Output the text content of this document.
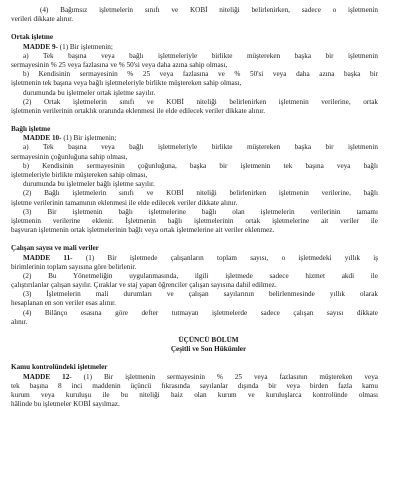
(4) Bağımsız işletmelerin sınıfı ve KOBİ niteliği belirlenirken, sadece o işletmenin
verileri dikkate alınır.
Ortak işletme
MADDE 9- (1) Bir işletmenin;
a) Tek başına veya bağlı işletmeleriyle birlikte müştereken başka bir işletmenin
sermayesinin % 25 veya fazlasına ve % 50'si veya daha azına sahip olması,
b) Kendisinin sermayesinin % 25 veya fazlasına ve % 50'si veya daha azına başka bir
işletmenin tek başına veya bağlı işletmeleriyle birlikte müştereken sahip olması,
durumunda bu işletmeler ortak işletme sayılır.
(2) Ortak işletmelerin sınıfı ve KOBİ niteliği belirlenirken işletmenin verilerine, ortak
işletmenin verilerinin ortaklık oranında eklenmesi ile elde edilecek veriler dikkate alınır.
Bağlı işletme
MADDE 10- (1) Bir işletmenin;
a) Tek başına veya bağlı işletmeleriyle birlikte müştereken başka bir işletmenin
sermayesinin çoğunluğuna sahip olması,
b) Kendisinin sermayesinin çoğunluğuna, başka bir işletmenin tek başına veya bağlı
işletmeleriyle birlikte müştereken sahip olması,
durumunda bu işletmeler bağlı işletme sayılır.
(2) Bağlı işletmelerin sınıfı ve KOBİ niteliği belirlenirken işletmenin verilerine, bağlı
işletme verilerinin tamamının eklenmesi ile elde edilecek veriler dikkate alınır.
(3) Bir işletmenin bağlı işletmelerine bağlı olan işletmelerin verilerinin tamamı
işletmenin verilerine eklenir. İşletmenin bağlı işletmelerinin ortak işletmelerine ait veriler ile
başvuran işletmenin ortak işletmelerinin bağlı veya ortak işletmelerine ait veriler eklenmez.
Çalışan sayısı ve mali veriler
MADDE 11- (1) Bir işletmede çalışanların toplam sayısı, o işletmedeki yıllık iş
birimlerinin toplam sayısına göre belirlenir.
(2) Bu Yönetmeliğin uygulanmasında, ilgili işletmede sadece hizmet akdi ile
çalıştırılanlar çalışan sayılır. Çıraklar ve staj yapan öğrenciler çalışan sayısına dahil edilmez.
(3) İşletmelerin mali durumları ve çalışan sayılarının belirlenmesinde yıllık olarak
hesaplanan en son veriler esas alınır.
(4) Bilânço esasına göre defter tutmayan işletmelerde sadece çalışan sayısı dikkate
alınır.
ÜÇÜNCÜ BÖLÜM
Çeşitli ve Son Hükümler
Kamu kontrolündeki işletmeler
MADDE 12- (1) Bir işletmenin sermayesinin % 25 veya fazlasının müştereken veya
tek başına 8 inci maddenin üçüncü fıkrasında sayılanlar dışında bir veya birden fazla kamu
kurum veya kuruluşu ile bu niteliği haiz olan kurum ve kuruluşlarca kontrolünde olması
hâlinde bu işletmeler KOBİ sayılmaz.
